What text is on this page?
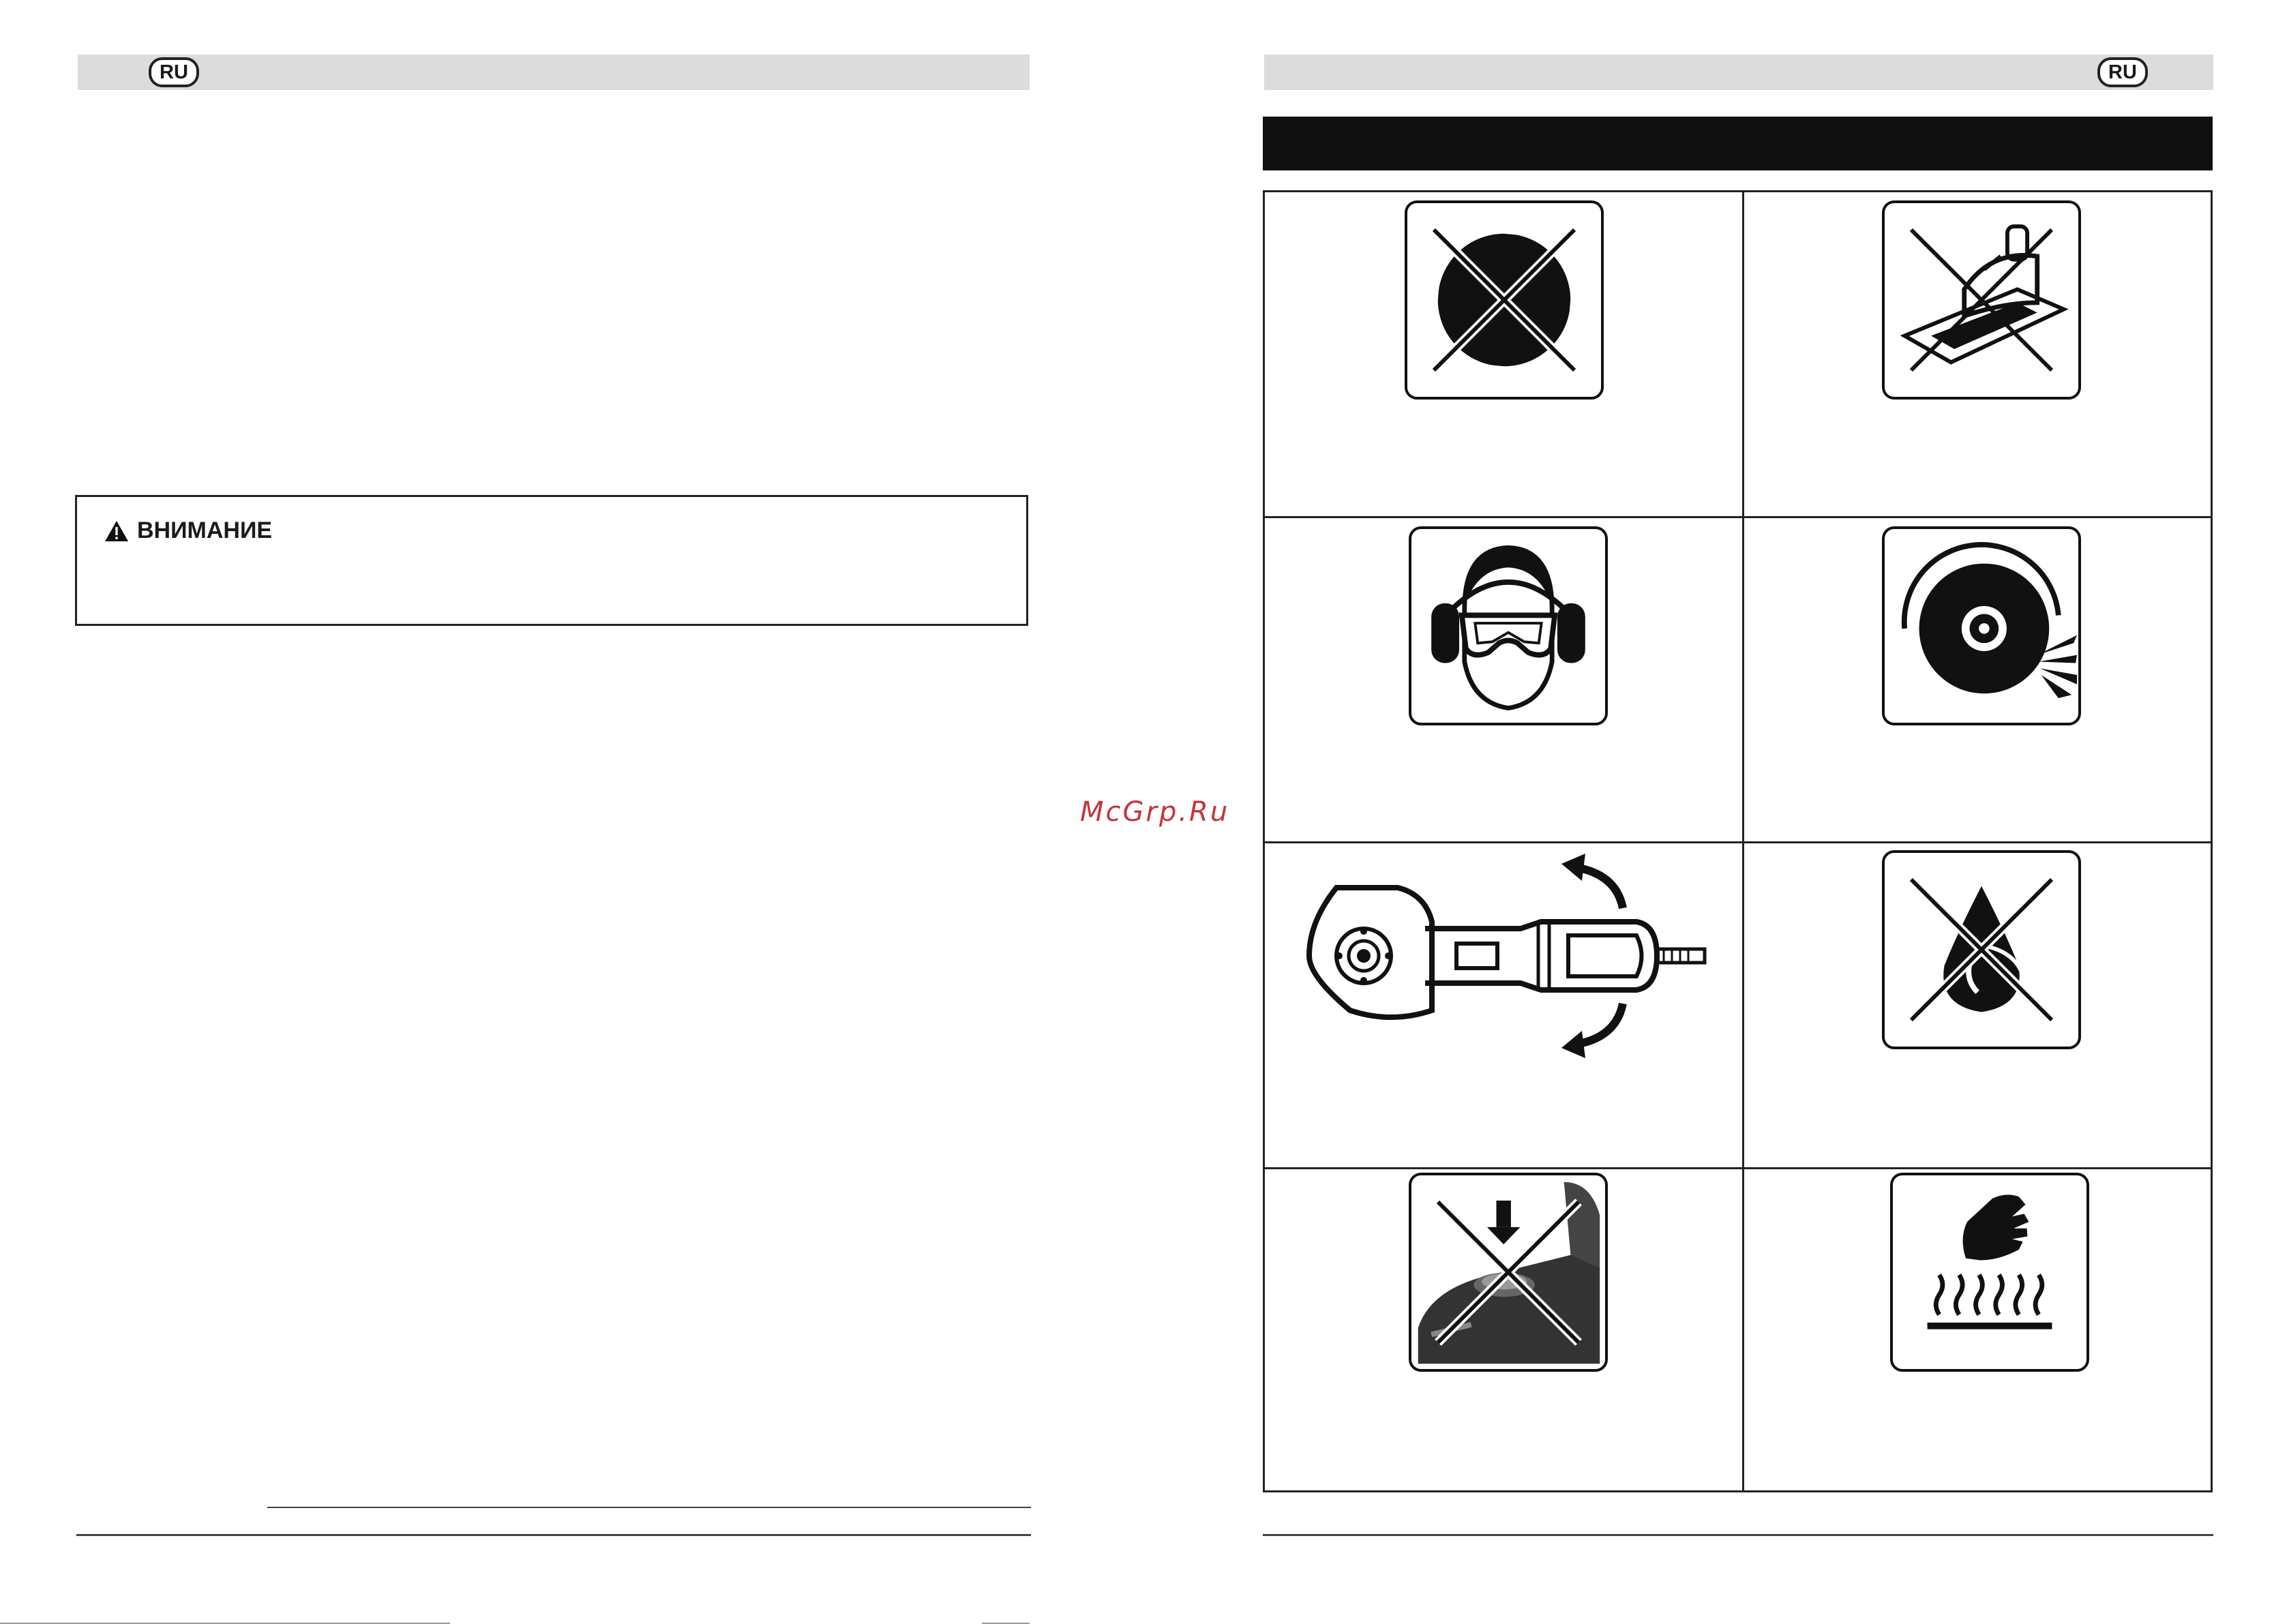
RU
ВНИМАНИЕ
McGrp.Ru
RU
